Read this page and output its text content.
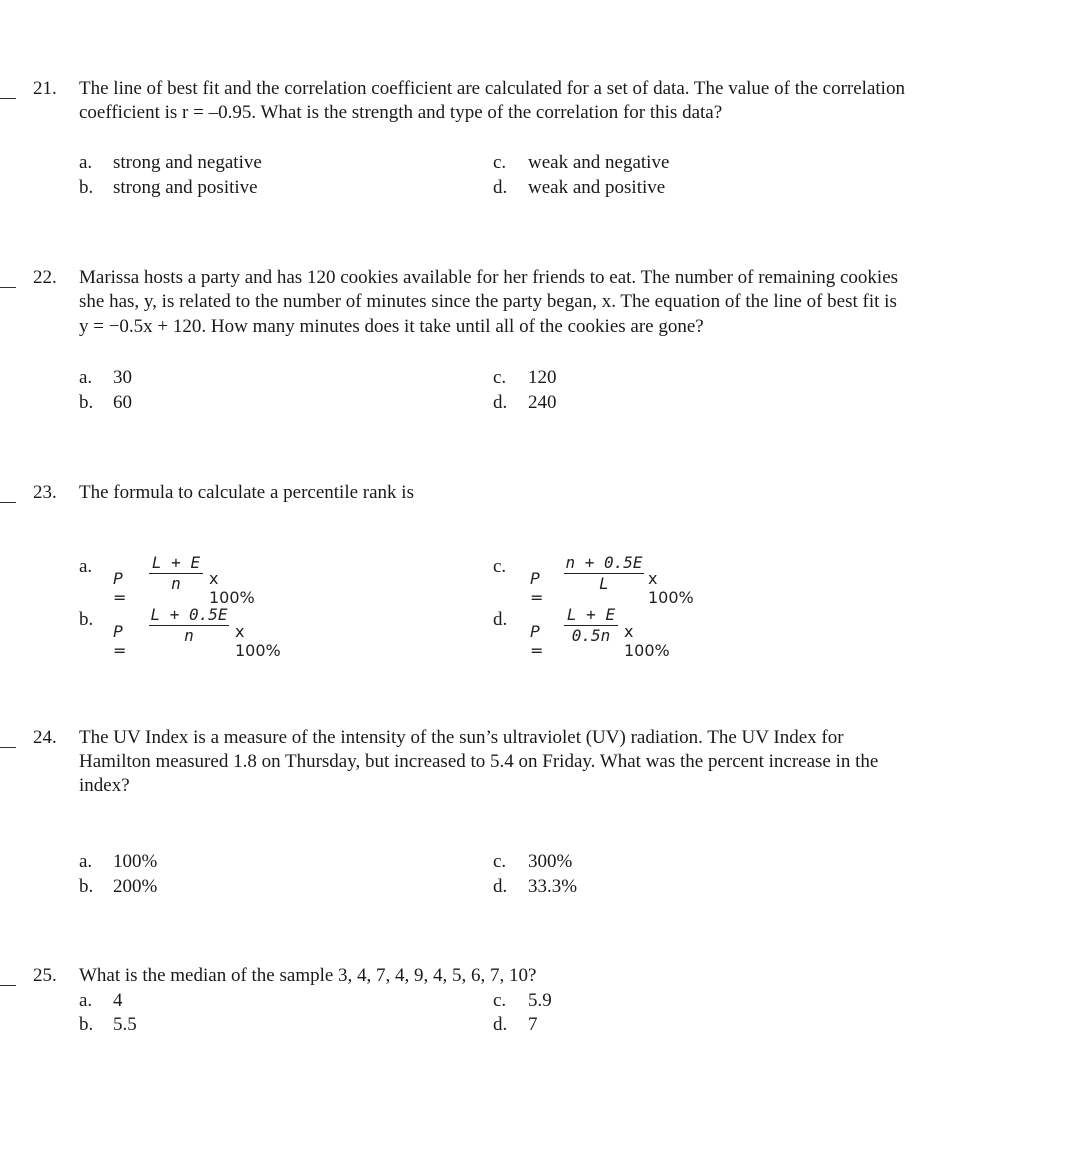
21. The line of best fit and the correlation coefficient are calculated for a set of data. The value of the correlation
coefficient is r = –0.95. What is the strength and type of the correlation for this data?
a. strong and negative
b. strong and positive
c. weak and negative
d. weak and positive
22. Marissa hosts a party and has 120 cookies available for her friends to eat. The number of remaining cookies
she has, y, is related to the number of minutes since the party began, x. The equation of the line of best fit is
y = −0.5x + 120. How many minutes does it take until all of the cookies are gone?
a. 30
b. 60
c. 120
d. 240
23. The formula to calculate a percentile rank is
a.
P =
L + E
n	x 100%
b.
P =
L + 0.5E
n	x 100%
c.
P =
n + 0.5E
L	x 100%
d.
P =
L + E
0.5n x 100%
24. The UV Index is a measure of the intensity of the sun’s ultraviolet (UV) radiation. The UV Index for
Hamilton measured 1.8 on Thursday, but increased to 5.4 on Friday. What was the percent increase in the
index?
a. 100%
b. 200%
c. 300%
d. 33.3%
25. What is the median of the sample 3, 4, 7, 4, 9, 4, 5, 6, 7, 10?
a. 4
b. 5.5
c. 5.9
d. 7
